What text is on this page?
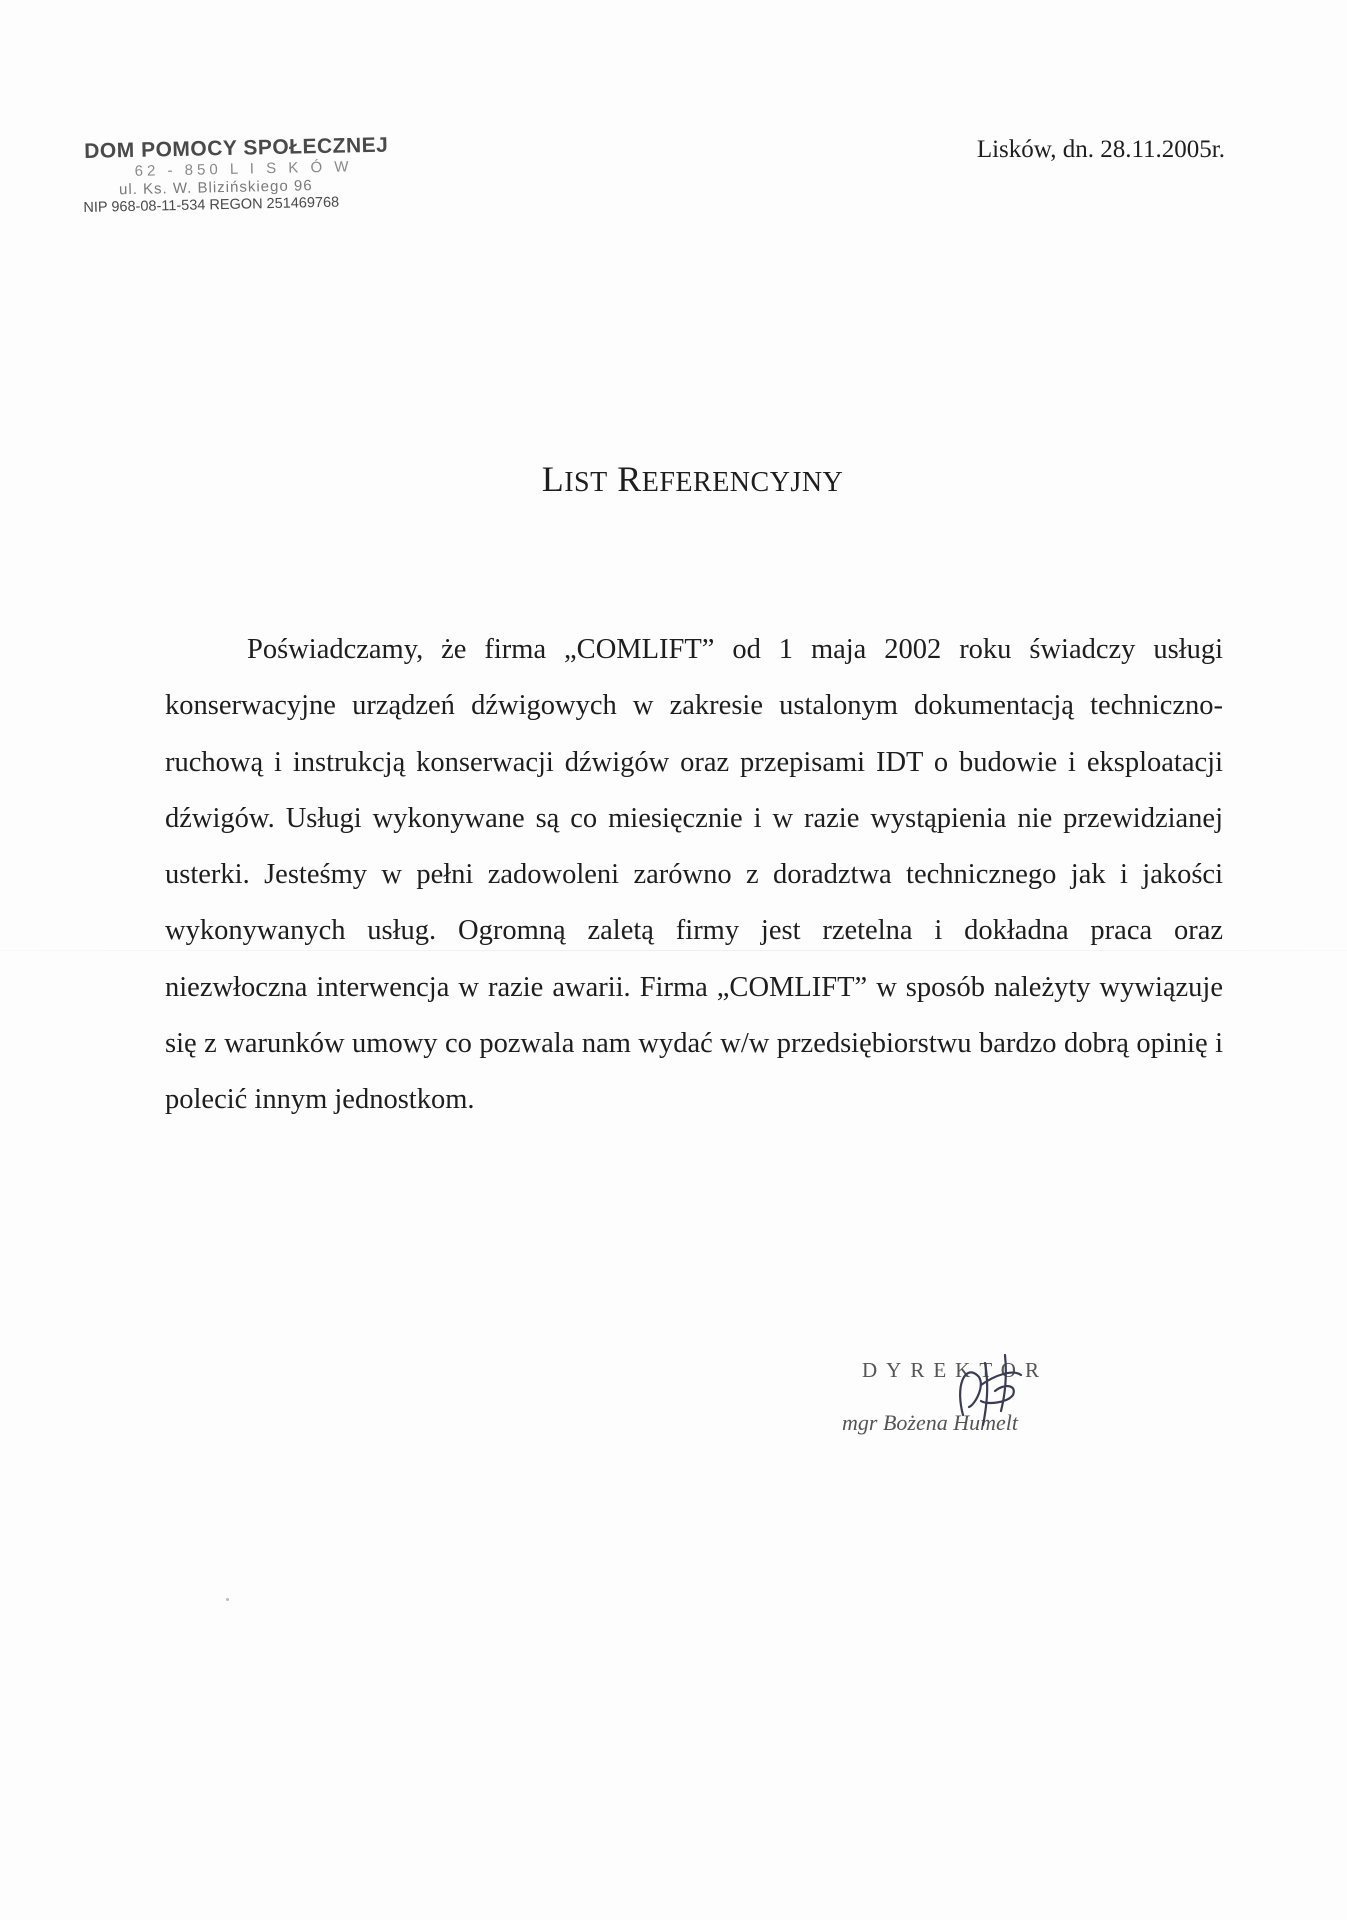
DOM POMOCY SPOŁECZNEJ
62 - 850 L I S K Ó W
ul. Ks. W. Blizińskiego 96
NIP 968-08-11-534 REGON 251469768
Lisków, dn. 28.11.2005r.
LIST REFERENCYJNY

Poświadczamy, że firma „COMLIFT” od 1 maja 2002 roku świadczy usługi konserwacyjne urządzeń dźwigowych w zakresie ustalonym dokumentacją techniczno-ruchową i instrukcją konserwacji dźwigów oraz przepisami IDT o budowie i eksploatacji dźwigów. Usługi wykonywane są co miesięcznie i w razie wystąpienia nie przewidzianej usterki. Jesteśmy w pełni zadowoleni zarówno z doradztwa technicznego jak i jakości wykonywanych usług. Ogromną zaletą firmy jest rzetelna i dokładna praca oraz niezwłoczna interwencja w razie awarii. Firma „COMLIFT” w sposób należyty wywiązuje się z warunków umowy co pozwala nam wydać w/w przedsiębiorstwu bardzo dobrą opinię i polecić innym jednostkom.

DYREKTOR
mgr Bożena Humelt
